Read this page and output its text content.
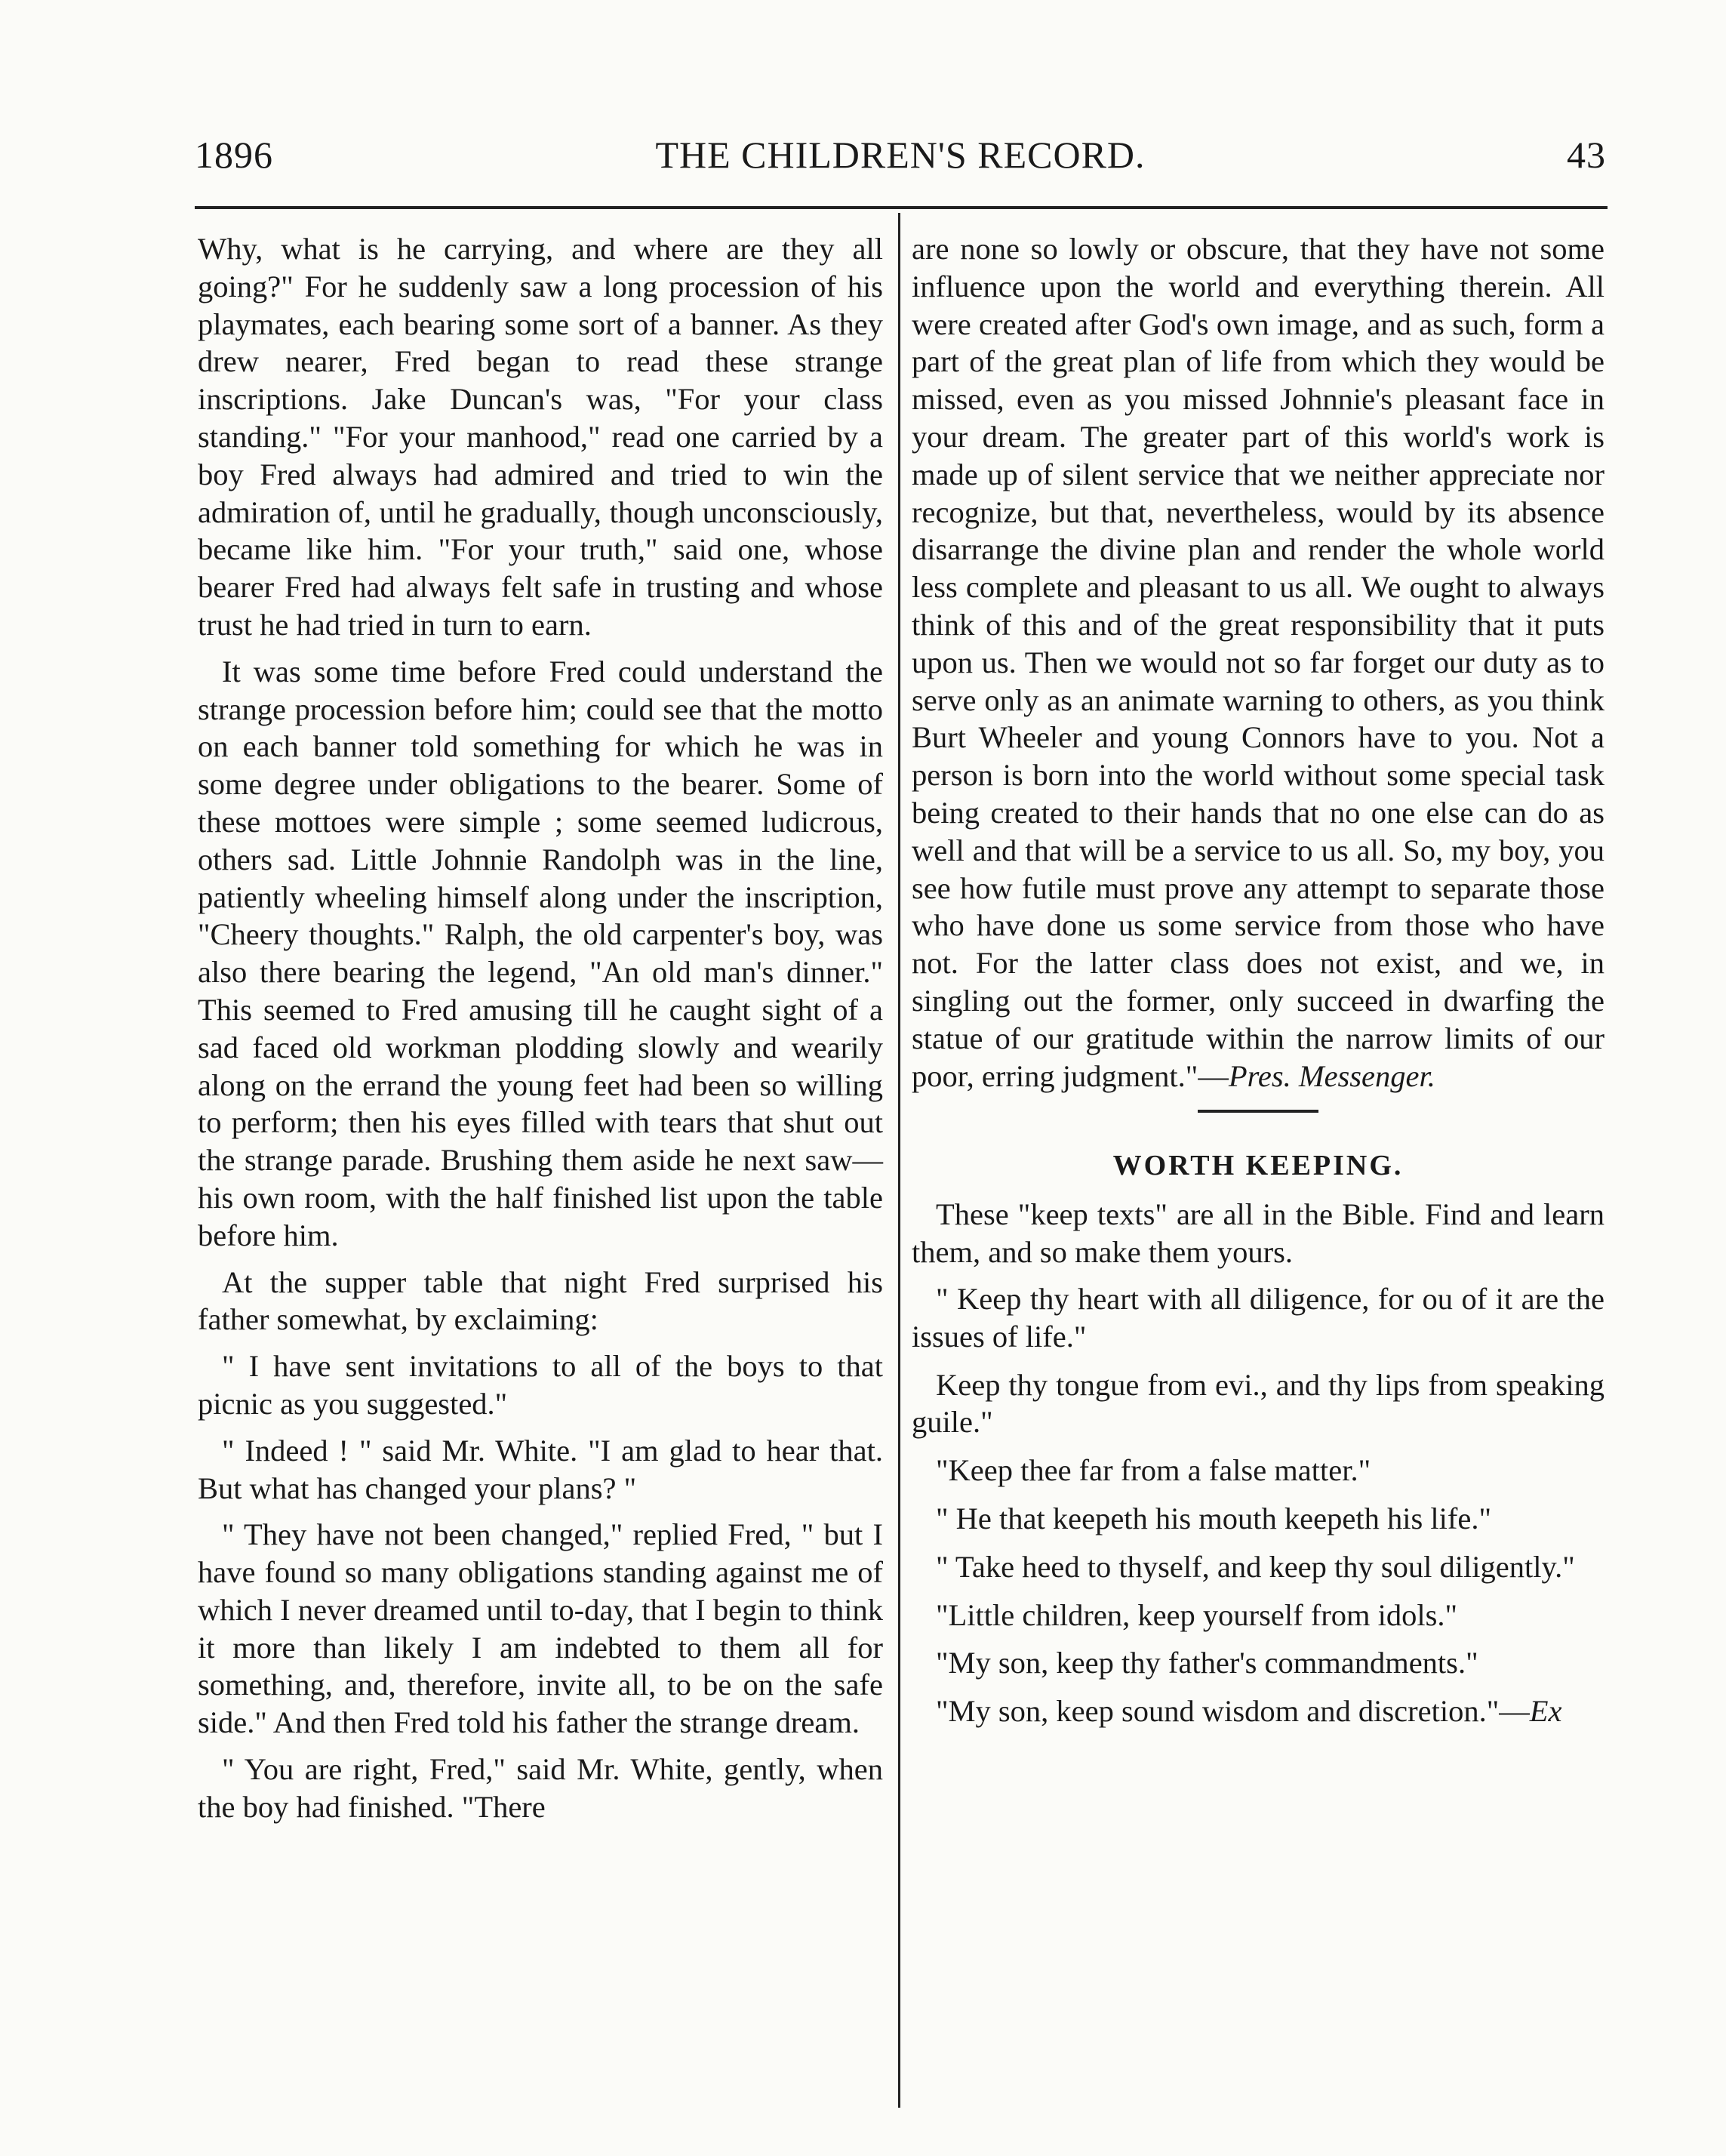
1896	THE CHILDREN'S RECORD.	43

Why, what is he carrying, and where are they all going?" For he suddenly saw a long procession of his playmates, each bearing some sort of a banner. As they drew nearer, Fred began to read these strange inscriptions. Jake Duncan's was, "For your class standing." "For your manhood," read one carried by a boy Fred always had admired and tried to win the admiration of, until he gradually, though unconsciously, became like him. "For your truth," said one, whose bearer Fred had always felt safe in trusting and whose trust he had tried in turn to earn.

It was some time before Fred could understand the strange procession before him; could see that the motto on each banner told something for which he was in some degree under obligations to the bearer. Some of these mottoes were simple ; some seemed ludicrous, others sad. Little Johnnie Randolph was in the line, patiently wheeling himself along under the inscription, "Cheery thoughts." Ralph, the old carpenter's boy, was also there bearing the legend, "An old man's dinner." This seemed to Fred amusing till he caught sight of a sad faced old workman plodding slowly and wearily along on the errand the young feet had been so willing to perform; then his eyes filled with tears that shut out the strange parade. Brushing them aside he next saw—his own room, with the half finished list upon the table before him.

At the supper table that night Fred surprised his father somewhat, by exclaiming:

" I have sent invitations to all of the boys to that picnic as you suggested."

" Indeed ! " said Mr. White. "I am glad to hear that. But what has changed your plans? "

" They have not been changed," replied Fred, " but I have found so many obligations standing against me of which I never dreamed until to-day, that I begin to think it more than likely I am indebted to them all for something, and, therefore, invite all, to be on the safe side." And then Fred told his father the strange dream.

" You are right, Fred," said Mr. White, gently, when the boy had finished. "There

are none so lowly or obscure, that they have not some influence upon the world and everything therein. All were created after God's own image, and as such, form a part of the great plan of life from which they would be missed, even as you missed Johnnie's pleasant face in your dream. The greater part of this world's work is made up of silent service that we neither appreciate nor recognize, but that, nevertheless, would by its absence disarrange the divine plan and render the whole world less complete and pleasant to us all. We ought to always think of this and of the great responsibility that it puts upon us. Then we would not so far forget our duty as to serve only as an animate warning to others, as you think Burt Wheeler and young Connors have to you. Not a person is born into the world without some special task being created to their hands that no one else can do as well and that will be a service to us all. So, my boy, you see how futile must prove any attempt to separate those who have done us some service from those who have not. For the latter class does not exist, and we, in singling out the former, only succeed in dwarfing the statue of our gratitude within the narrow limits of our poor, erring judgment."—Pres. Messenger.

WORTH KEEPING.

These "keep texts" are all in the Bible. Find and learn them, and so make them yours.

" Keep thy heart with all diligence, for ou of it are the issues of life."

Keep thy tongue from evi., and thy lips from speaking guile."

"Keep thee far from a false matter."

" He that keepeth his mouth keepeth his life."

" Take heed to thyself, and keep thy soul diligently."

"Little children, keep yourself from idols."

"My son, keep thy father's commandments."

"My son, keep sound wisdom and discretion."—Ex
